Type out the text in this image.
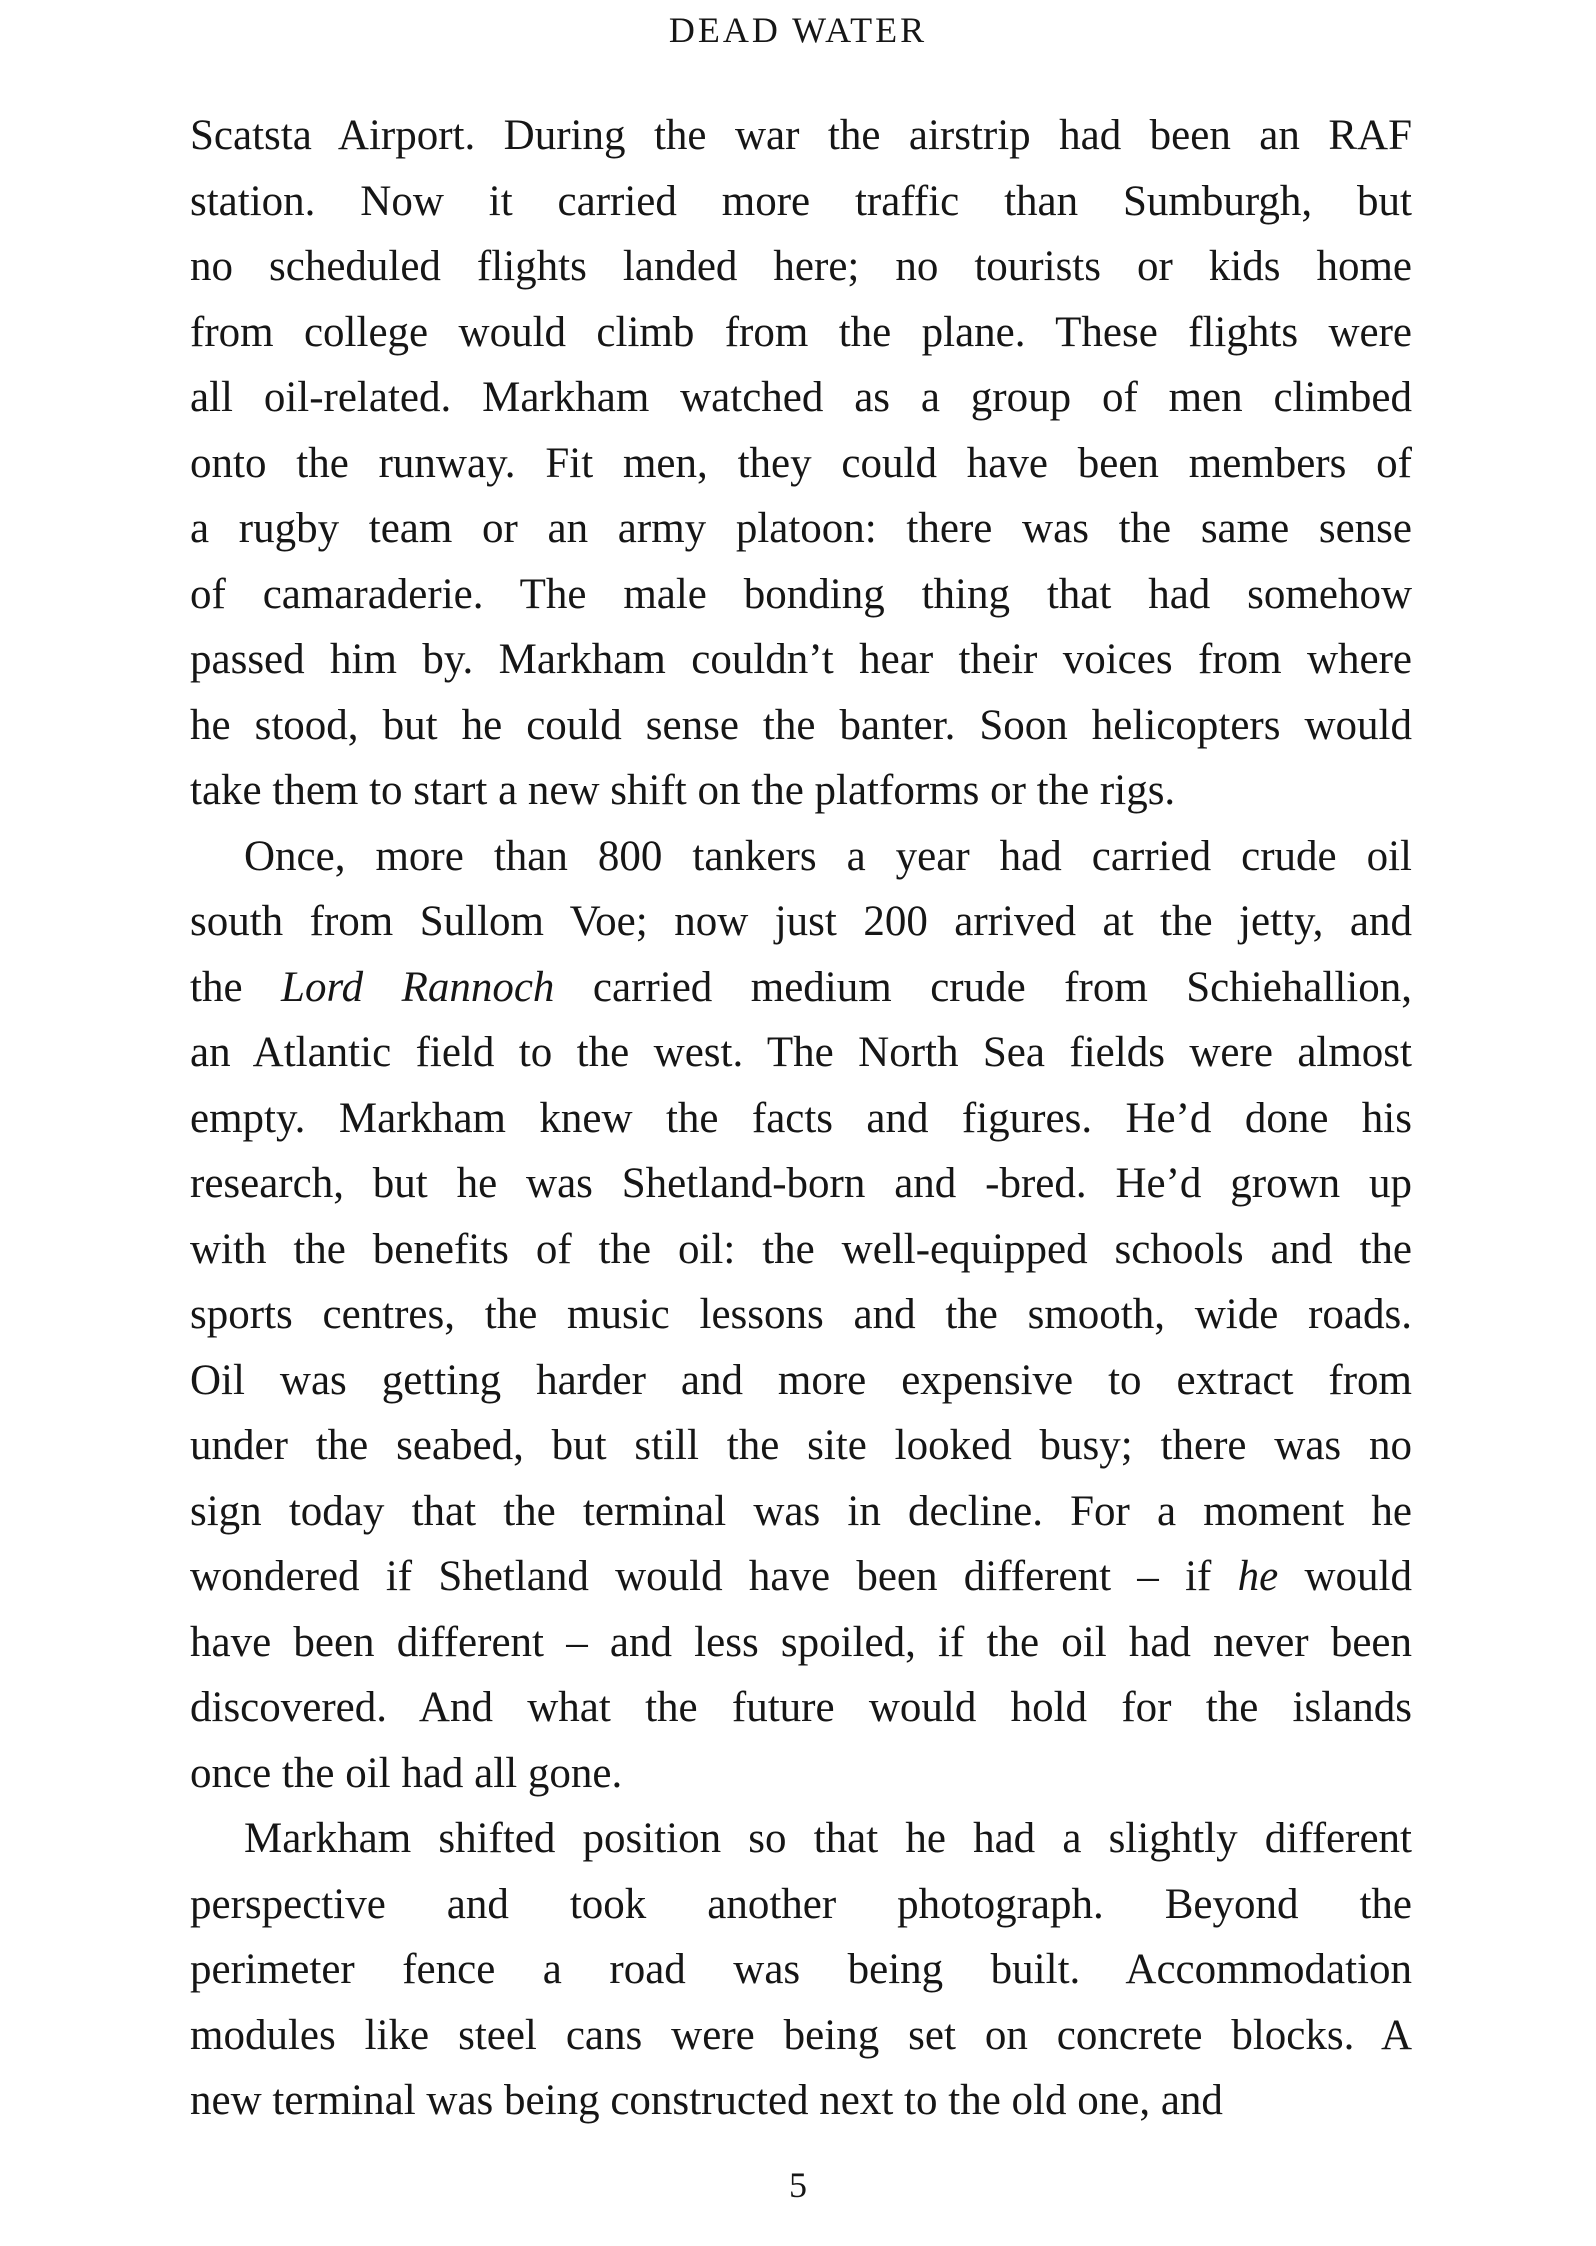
DEAD WATER
Scatsta Airport. During the war the airstrip had been an RAF
station. Now it carried more traffic than Sumburgh, but
no scheduled flights landed here; no tourists or kids home
from college would climb from the plane. These flights were
all oil-related. Markham watched as a group of men climbed
onto the runway. Fit men, they could have been members of
a rugby team or an army platoon: there was the same sense
of camaraderie. The male bonding thing that had somehow
passed him by. Markham couldn’t hear their voices from where
he stood, but he could sense the banter. Soon helicopters would
take them to start a new shift on the platforms or the rigs.
Once, more than 800 tankers a year had carried crude oil
south from Sullom Voe; now just 200 arrived at the jetty, and
the Lord Rannoch carried medium crude from Schiehallion,
an Atlantic field to the west. The North Sea fields were almost
empty. Markham knew the facts and figures. He’d done his
research, but he was Shetland-born and -bred. He’d grown up
with the benefits of the oil: the well-equipped schools and the
sports centres, the music lessons and the smooth, wide roads.
Oil was getting harder and more expensive to extract from
under the seabed, but still the site looked busy; there was no
sign today that the terminal was in decline. For a moment he
wondered if Shetland would have been different – if he would
have been different – and less spoiled, if the oil had never been
discovered. And what the future would hold for the islands
once the oil had all gone.
Markham shifted position so that he had a slightly different
perspective and took another photograph. Beyond the
perimeter fence a road was being built. Accommodation
modules like steel cans were being set on concrete blocks. A
new terminal was being constructed next to the old one, and
5
